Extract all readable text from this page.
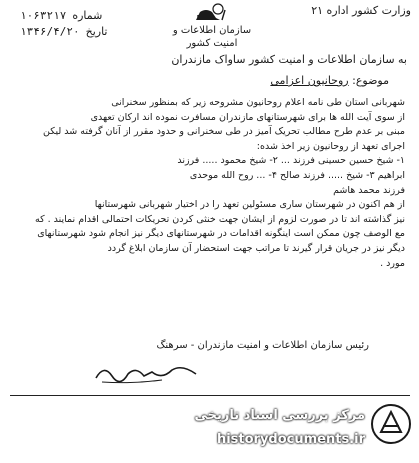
وزارت کشور اداره ۲۱
سازمان اطلاعات و امنیت کشور
شماره
۱۰۶۳۲۱۷
تاریخ
۱۳۴۶/۴/۲۰
به سازمان اطلاعات و امنیت کشور ساواک مازندران
موضوع: روحانیون اعزامی

شهربانی استان طی نامه اعلام روحانیون مشروحه زیر که بمنظور سخنرانی

از سوی آیت الله ها برای شهرستانهای مازندران مسافرت نموده اند ارکان تعهدی

مبنی بر عدم طرح مطالب تحریک آمیز در طی سخنرانی و حدود مقرر از آنان گرفته شد لیکن

اجرای تعهد از روحانیون زیر اخذ شده:

۱- شیخ حسین حسینی فرزند ... ۲- شیخ محمود ..... فرزند

ابراهیم ۳- شیخ ..... فرزند صالح ۴- ... روح الله موحدی

فرزند محمد هاشم

از هم اکنون در شهرستان ساری مسئولین تعهد را در اختیار شهربانی شهرستانها

نیز گذاشته اند تا در صورت لزوم از ایشان جهت خنثی کردن تحریکات احتمالی اقدام نمایند . که

مع الوصف چون ممکن است اینگونه اقدامات در شهرستانهای دیگر نیز انجام شود شهرستانهای

دیگر نیز در جریان قرار گیرند تا مراتب جهت استحضار آن سازمان ابلاغ گردد

مورد .

رئیس سازمان اطلاعات و امنیت مازندران - سرهنگ
مرکز بررسی اسناد تاریخی
historydocuments.ir
